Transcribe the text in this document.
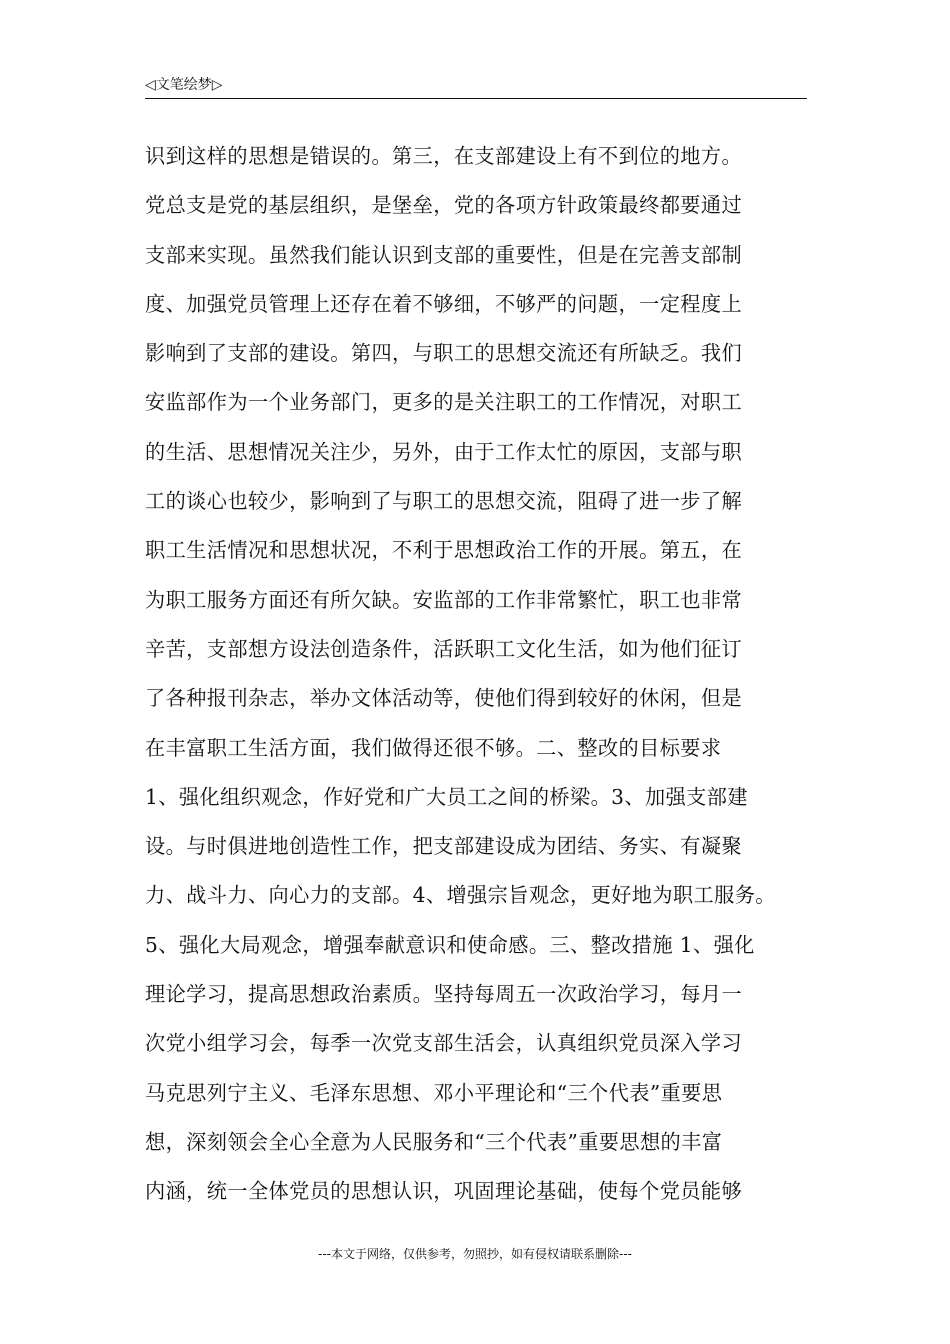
◁文笔绘梦▷
识到这样的思想是错误的。第三，在支部建设上有不到位的地方。
党总支是党的基层组织，是堡垒，党的各项方针政策最终都要通过
支部来实现。虽然我们能认识到支部的重要性，但是在完善支部制
度、加强党员管理上还存在着不够细，不够严的问题，一定程度上
影响到了支部的建设。第四，与职工的思想交流还有所缺乏。我们
安监部作为一个业务部门，更多的是关注职工的工作情况，对职工
的生活、思想情况关注少，另外，由于工作太忙的原因，支部与职
工的谈心也较少，影响到了与职工的思想交流，阻碍了进一步了解
职工生活情况和思想状况，不利于思想政治工作的开展。第五，在
为职工服务方面还有所欠缺。安监部的工作非常繁忙，职工也非常
辛苦，支部想方设法创造条件，活跃职工文化生活，如为他们征订
了各种报刊杂志，举办文体活动等，使他们得到较好的休闲，但是
在丰富职工生活方面，我们做得还很不够。二、整改的目标要求
1、强化组织观念，作好党和广大员工之间的桥梁。3、加强支部建
设。与时俱进地创造性工作，把支部建设成为团结、务实、有凝聚
力、战斗力、向心力的支部。4、增强宗旨观念，更好地为职工服务。
5、强化大局观念，增强奉献意识和使命感。三、整改措施 1、强化
理论学习，提高思想政治素质。坚持每周五一次政治学习，每月一
次党小组学习会，每季一次党支部生活会，认真组织党员深入学习
马克思列宁主义、毛泽东思想、邓小平理论和“三个代表”重要思
想，深刻领会全心全意为人民服务和“三个代表”重要思想的丰富
内涵，统一全体党员的思想认识，巩固理论基础，使每个党员能够
---本文于网络，仅供参考，勿照抄，如有侵权请联系删除---
